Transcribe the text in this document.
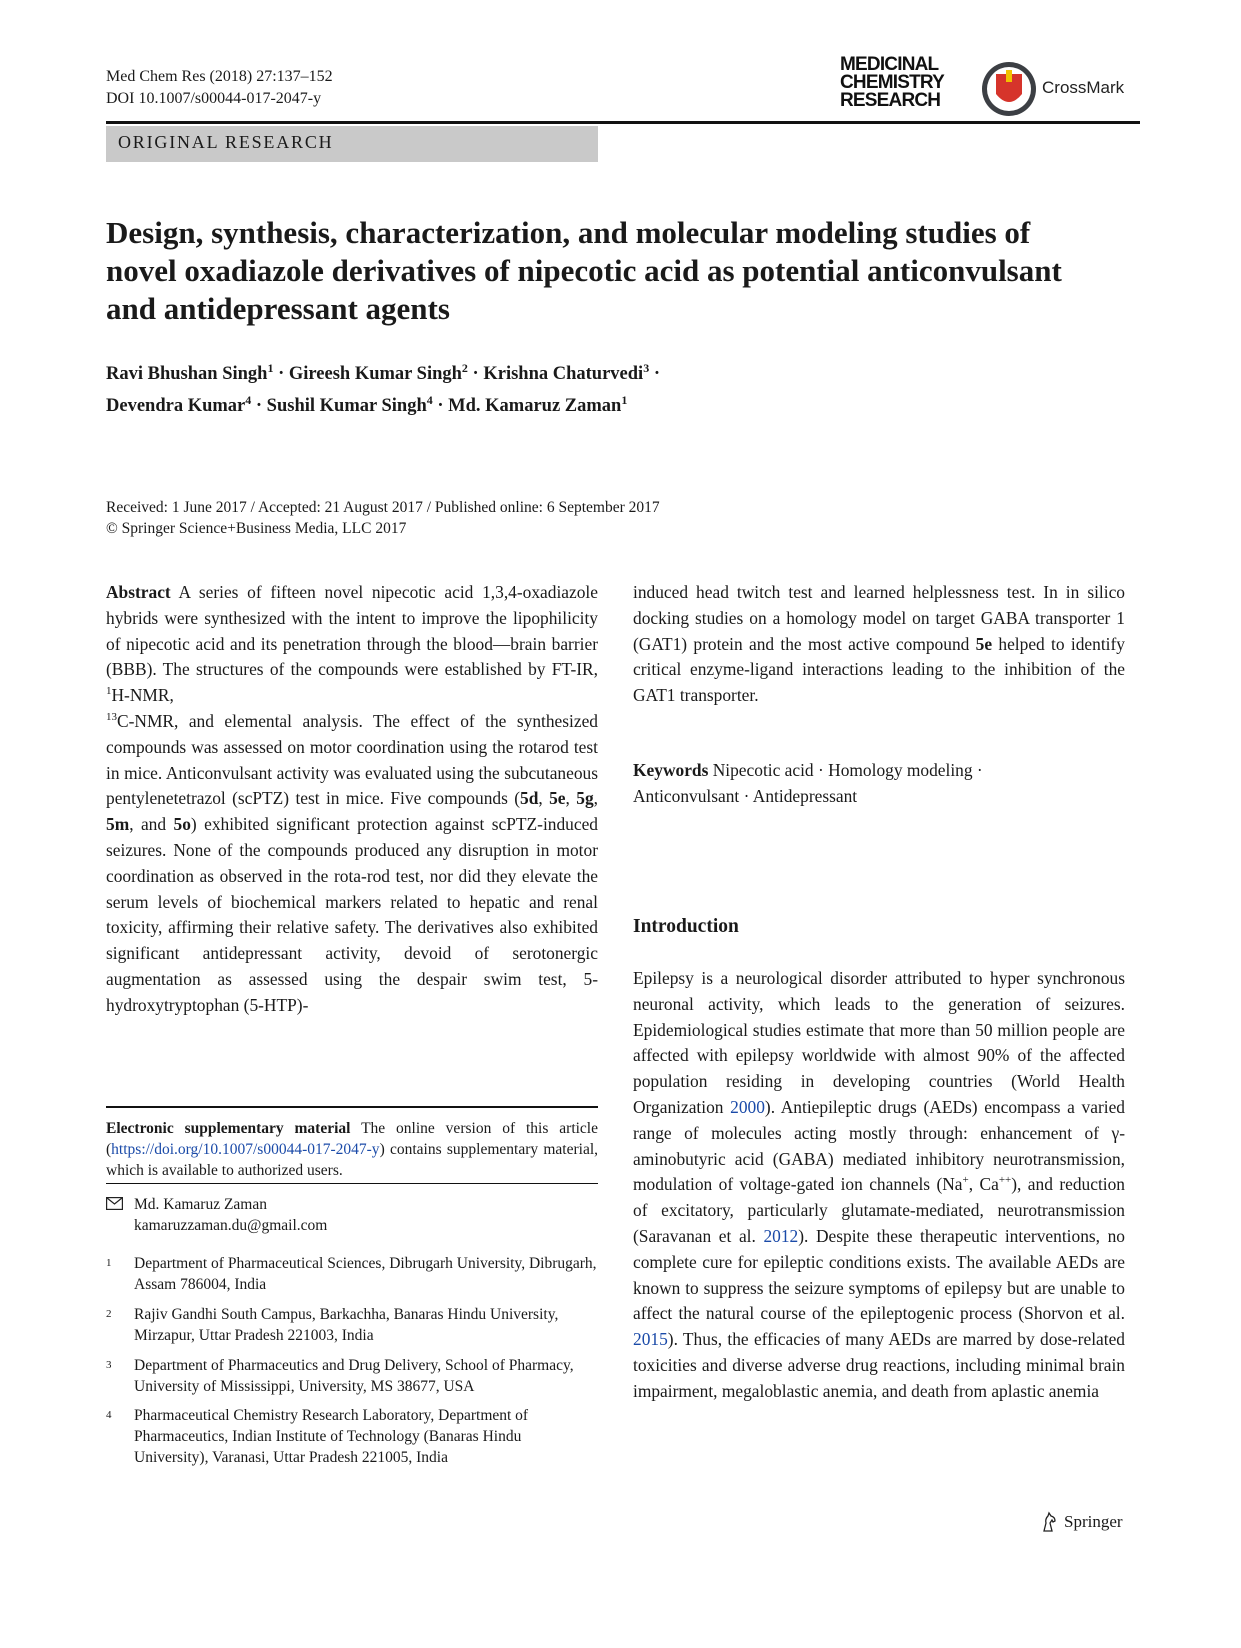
Med Chem Res (2018) 27:137–152
DOI 10.1007/s00044-017-2047-y
MEDICINAL
CHEMISTRY
RESEARCH
CrossMark
ORIGINAL RESEARCH
Design, synthesis, characterization, and molecular modeling studies of novel oxadiazole derivatives of nipecotic acid as potential anticonvulsant and antidepressant agents
Ravi Bhushan Singh$^1$ · Gireesh Kumar Singh$^2$ · Krishna Chaturvedi$^3$ ·
Devendra Kumar$^4$ · Sushil Kumar Singh$^4$ · Md. Kamaruz Zaman$^1$
Received: 1 June 2017 / Accepted: 21 August 2017 / Published online: 6 September 2017
© Springer Science+Business Media, LLC 2017

Abstract A series of fifteen novel nipecotic acid 1,3,4-oxadiazole hybrids were synthesized with the intent to improve the lipophilicity of nipecotic acid and its penetration through the blood—brain barrier (BBB). The structures of the compounds were established by FT-IR, $^1$H-NMR,
$^{13}$C-NMR, and elemental analysis. The effect of the synthesized compounds was assessed on motor coordination using the rotarod test in mice. Anticonvulsant activity was evaluated using the subcutaneous pentylenetetrazol (scPTZ) test in mice. Five compounds (5d, 5e, 5g, 5m, and 5o) exhibited significant protection against scPTZ-induced seizures. None of the compounds produced any disruption in motor coordination as observed in the rota-rod test, nor did they elevate the serum levels of biochemical markers related to hepatic and renal toxicity, affirming their relative safety. The derivatives also exhibited significant antidepressant activity, devoid of serotonergic augmentation as assessed using the despair swim test, 5-hydroxytryptophan (5-HTP)-

Electronic supplementary material The online version of this article (https://doi.org/10.1007/s00044-017-2047-y) contains supplementary material, which is available to authorized users.
Md. Kamaruz Zaman
kamaruzzaman.du@gmail.com
1 Department of Pharmaceutical Sciences, Dibrugarh University, Dibrugarh, Assam 786004, India
2 Rajiv Gandhi South Campus, Barkachha, Banaras Hindu University, Mirzapur, Uttar Pradesh 221003, India
3 Department of Pharmaceutics and Drug Delivery, School of Pharmacy, University of Mississippi, University, MS 38677, USA
4 Pharmaceutical Chemistry Research Laboratory, Department of Pharmaceutics, Indian Institute of Technology (Banaras Hindu University), Varanasi, Uttar Pradesh 221005, India

induced head twitch test and learned helplessness test. In in silico docking studies on a homology model on target GABA transporter 1 (GAT1) protein and the most active compound 5e helped to identify critical enzyme-ligand interactions leading to the inhibition of the GAT1 transporter.

Keywords Nipecotic acid · Homology modeling ·
Anticonvulsant · Antidepressant
Introduction

Epilepsy is a neurological disorder attributed to hyper synchronous neuronal activity, which leads to the generation of seizures. Epidemiological studies estimate that more than 50 million people are affected with epilepsy worldwide with almost 90% of the affected population residing in developing countries (World Health Organization 2000). Antiepileptic drugs (AEDs) encompass a varied range of molecules acting mostly through: enhancement of γ-aminobutyric acid (GABA) mediated inhibitory neurotransmission, modulation of voltage-gated ion channels (Na+, Ca++), and reduction of excitatory, particularly glutamate-mediated, neurotransmission (Saravanan et al. 2012). Despite these therapeutic interventions, no complete cure for epileptic conditions exists. The available AEDs are known to suppress the seizure symptoms of epilepsy but are unable to affect the natural course of the epileptogenic process (Shorvon et al. 2015). Thus, the efficacies of many AEDs are marred by dose-related toxicities and diverse adverse drug reactions, including minimal brain impairment, megaloblastic anemia, and death from aplastic anemia

Springer
